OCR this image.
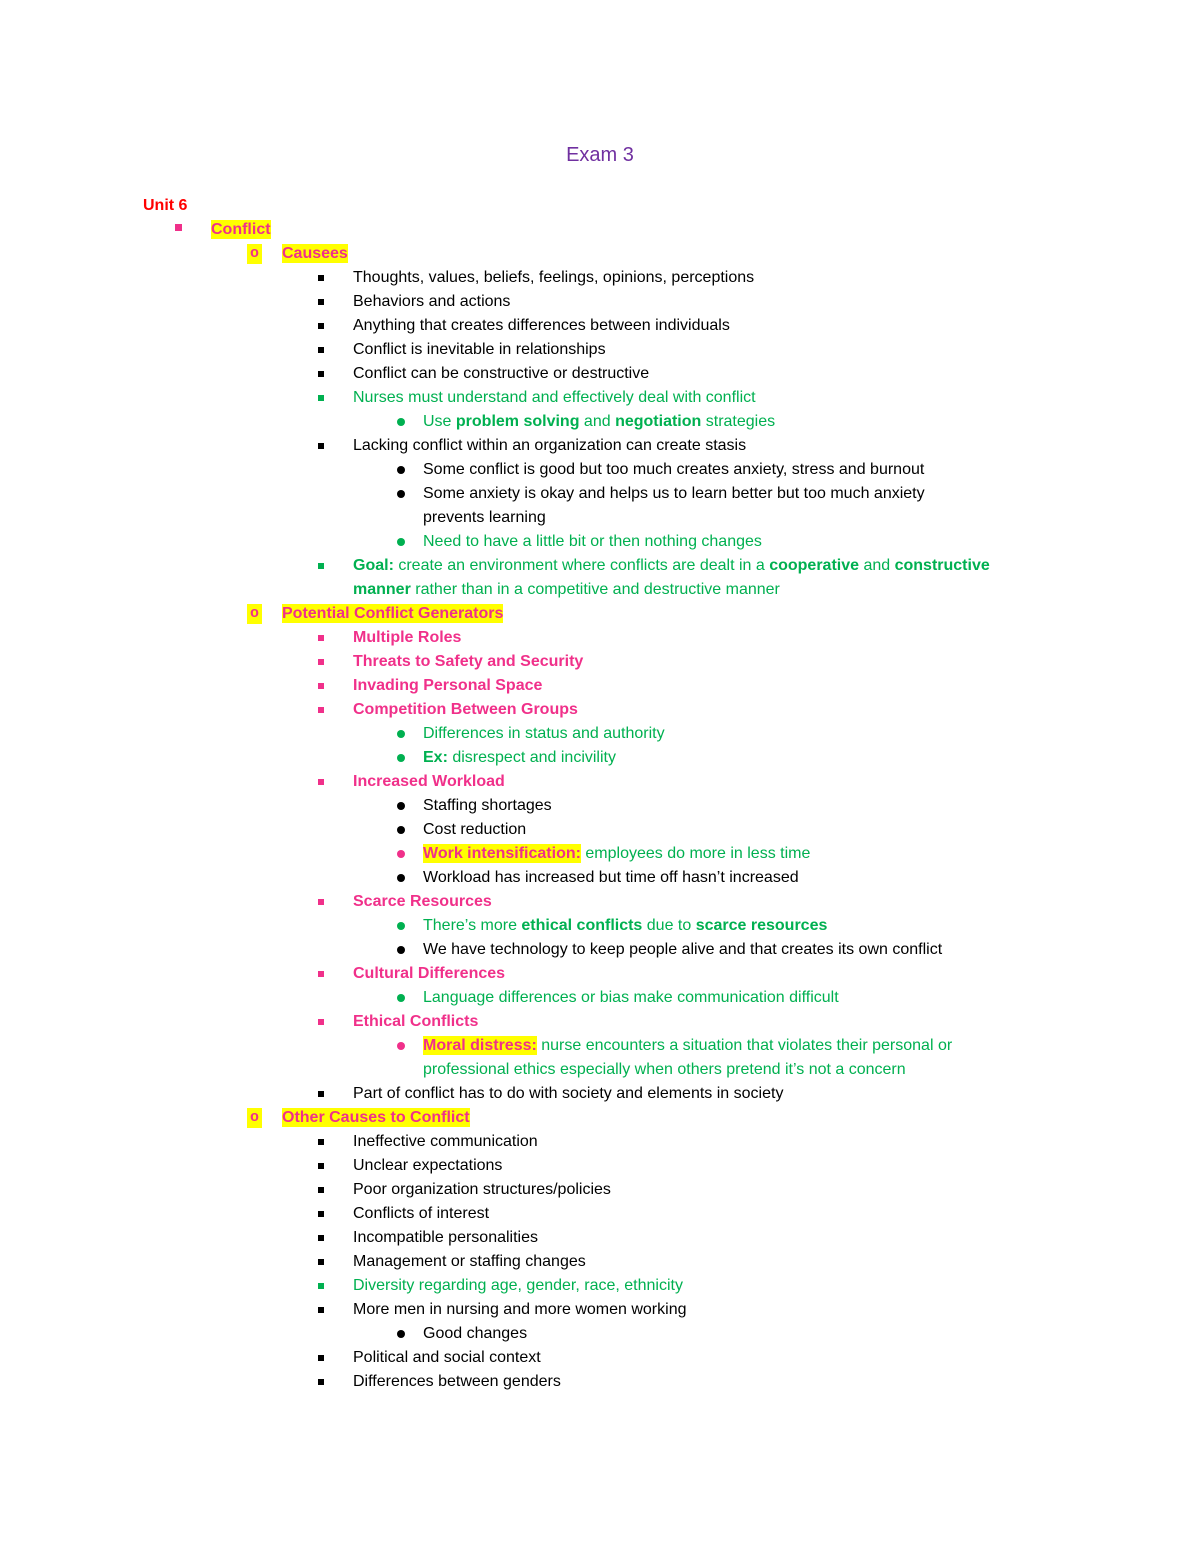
Exam 3
Unit 6
Conflict
o Causees
Thoughts, values, beliefs, feelings, opinions, perceptions
Behaviors and actions
Anything that creates differences between individuals
Conflict is inevitable in relationships
Conflict can be constructive or destructive
Nurses must understand and effectively deal with conflict
Use problem solving and negotiation strategies
Lacking conflict within an organization can create stasis
Some conflict is good but too much creates anxiety, stress and burnout
Some anxiety is okay and helps us to learn better but too much anxiety
prevents learning
Need to have a little bit or then nothing changes
Goal: create an environment where conflicts are dealt in a cooperative and constructive
manner rather than in a competitive and destructive manner
o Potential Conflict Generators
Multiple Roles
Threats to Safety and Security
Invading Personal Space
Competition Between Groups
Differences in status and authority
Ex: disrespect and incivility
Increased Workload
Staffing shortages
Cost reduction
Work intensification: employees do more in less time
Workload has increased but time off hasn’t increased
Scarce Resources
There’s more ethical conflicts due to scarce resources
We have technology to keep people alive and that creates its own conflict
Cultural Differences
Language differences or bias make communication difficult
Ethical Conflicts
Moral distress: nurse encounters a situation that violates their personal or
professional ethics especially when others pretend it’s not a concern
Part of conflict has to do with society and elements in society
o Other Causes to Conflict
Ineffective communication
Unclear expectations
Poor organization structures/policies
Conflicts of interest
Incompatible personalities
Management or staffing changes
Diversity regarding age, gender, race, ethnicity
More men in nursing and more women working
Good changes
Political and social context
Differences between genders
